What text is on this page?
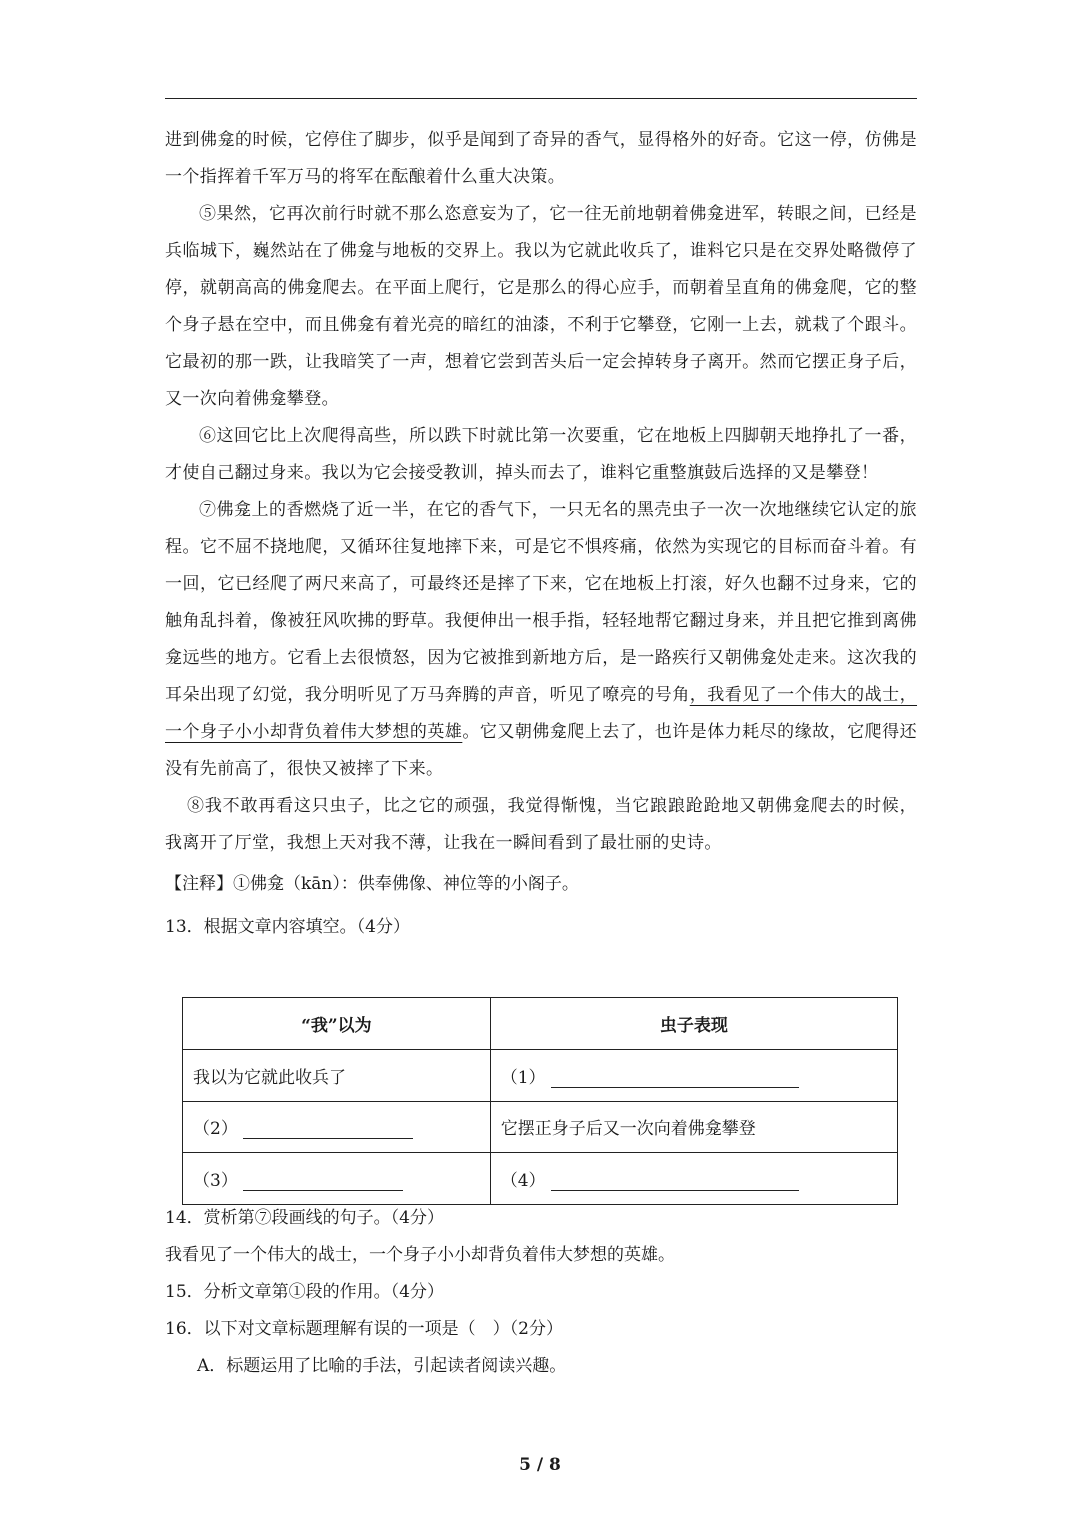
进到佛龛的时候，它停住了脚步，似乎是闻到了奇异的香气，显得格外的好奇。它这一停，仿佛是一个指挥着千军万马的将军在酝酿着什么重大决策。

⑤果然，它再次前行时就不那么恣意妄为了，它一往无前地朝着佛龛进军，转眼之间，已经是兵临城下，巍然站在了佛龛与地板的交界上。我以为它就此收兵了，谁料它只是在交界处略微停了停，就朝高高的佛龛爬去。在平面上爬行，它是那么的得心应手，而朝着呈直角的佛龛爬，它的整个身子悬在空中，而且佛龛有着光亮的暗红的油漆，不利于它攀登，它刚一上去，就栽了个跟斗。它最初的那一跌，让我暗笑了一声，想着它尝到苦头后一定会掉转身子离开。然而它摆正身子后，又一次向着佛龛攀登。

⑥这回它比上次爬得高些，所以跌下时就比第一次要重，它在地板上四脚朝天地挣扎了一番，才使自己翻过身来。我以为它会接受教训，掉头而去了，谁料它重整旗鼓后选择的又是攀登！

⑦佛龛上的香燃烧了近一半，在它的香气下，一只无名的黑壳虫子一次一次地继续它认定的旅程。它不屈不挠地爬，又循环往复地摔下来，可是它不惧疼痛，依然为实现它的目标而奋斗着。有一回，它已经爬了两尺来高了，可最终还是摔了下来，它在地板上打滚，好久也翻不过身来，它的触角乱抖着，像被狂风吹拂的野草。我便伸出一根手指，轻轻地帮它翻过身来，并且把它推到离佛龛远些的地方。它看上去很愤怒，因为它被推到新地方后，是一路疾行又朝佛龛处走来。这次我的耳朵出现了幻觉，我分明听见了万马奔腾的声音，听见了嘹亮的号角，我看见了一个伟大的战士，一个身子小小却背负着伟大梦想的英雄。它又朝佛龛爬上去了，也许是体力耗尽的缘故，它爬得还没有先前高了，很快又被摔了下来。

⑧我不敢再看这只虫子，比之它的顽强，我觉得惭愧，当它踉踉跄跄地又朝佛龛爬去的时候，我离开了厅堂，我想上天对我不薄，让我在一瞬间看到了最壮丽的史诗。

【注释】①佛龛（kān）：供奉佛像、神位等的小阁子。

13．根据文章内容填空。（4分）

“我”以为	虫子表现
我以为它就此收兵了	（1）
（2）	它摆正身子后又一次向着佛龛攀登
（3）	（4）

14．赏析第⑦段画线的句子。（4分）

我看见了一个伟大的战士，一个身子小小却背负着伟大梦想的英雄。

15．分析文章第①段的作用。（4分）

16．以下对文章标题理解有误的一项是（　）（2分）

A．标题运用了比喻的手法，引起读者阅读兴趣。

5 / 8
